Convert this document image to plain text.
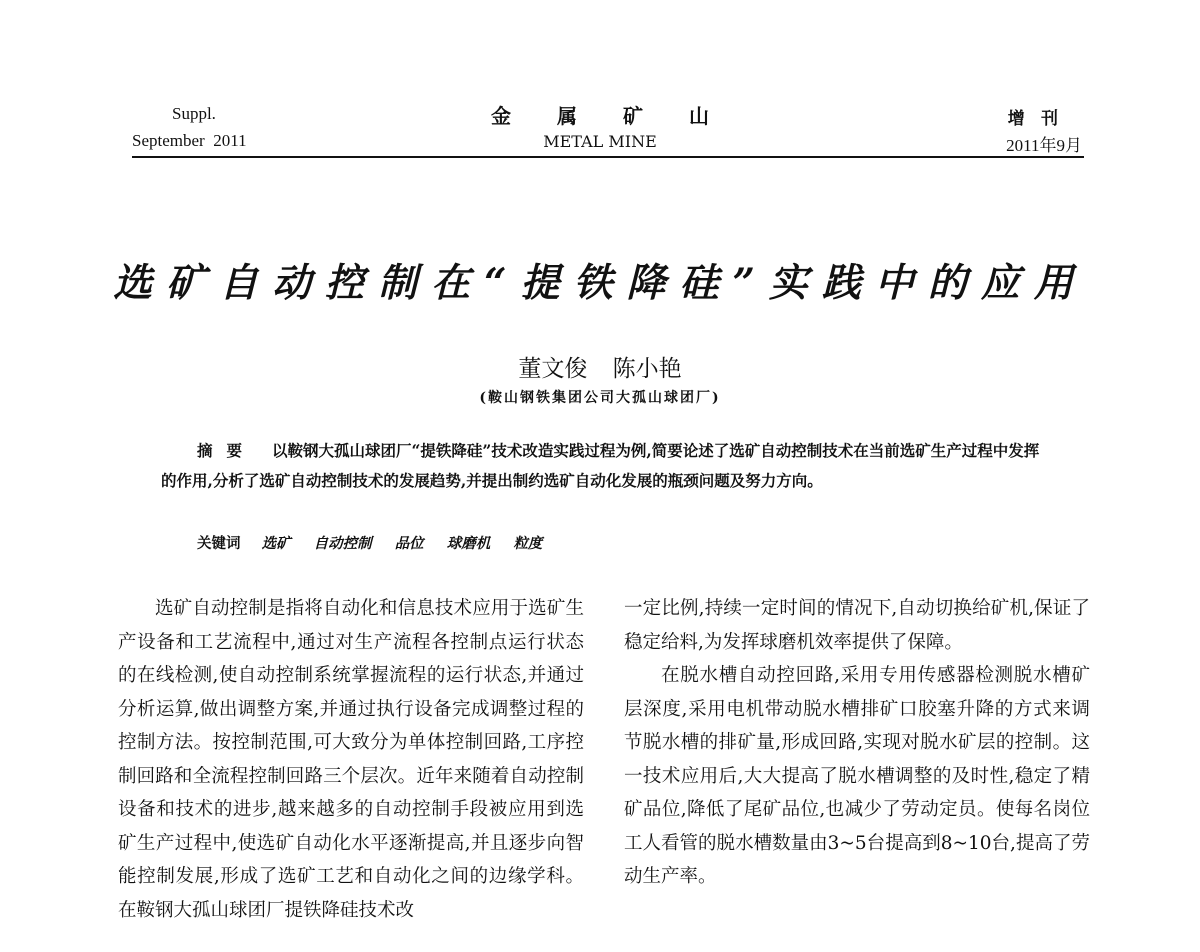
Suppl.
September  2011
金属矿山
METAL MINE
增 刊
2011年9月
选矿自动控制在“提铁降硅”实践中的应用
董文俊 陈小艳
(鞍山钢铁集团公司大孤山球团厂)

摘要 以鞍钢大孤山球团厂“提铁降硅”技术改造实践过程为例,简要论述了选矿自动控制技术在当前选矿生产过程中发挥的作用,分析了选矿自动控制技术的发展趋势,并提出制约选矿自动化发展的瓶颈问题及努力方向。

关键词 选矿 自动控制 品位 球磨机 粒度

选矿自动控制是指将自动化和信息技术应用于选矿生产设备和工艺流程中,通过对生产流程各控制点运行状态的在线检测,使自动控制系统掌握流程的运行状态,并通过分析运算,做出调整方案,并通过执行设备完成调整过程的控制方法。按控制范围,可大致分为单体控制回路,工序控制回路和全流程控制回路三个层次。近年来随着自动控制设备和技术的进步,越来越多的自动控制手段被应用到选矿生产过程中,使选矿自动化水平逐渐提高,并且逐步向智能控制发展,形成了选矿工艺和自动化之间的边缘学科。在鞍钢大孤山球团厂提铁降硅技术改

一定比例,持续一定时间的情况下,自动切换给矿机,保证了稳定给料,为发挥球磨机效率提供了保障。

在脱水槽自动控回路,采用专用传感器检测脱水槽矿层深度,采用电机带动脱水槽排矿口胶塞升降的方式来调节脱水槽的排矿量,形成回路,实现对脱水矿层的控制。这一技术应用后,大大提高了脱水槽调整的及时性,稳定了精矿品位,降低了尾矿品位,也减少了劳动定员。使每名岗位工人看管的脱水槽数量由3~5台提高到8~10台,提高了劳动生产率。
